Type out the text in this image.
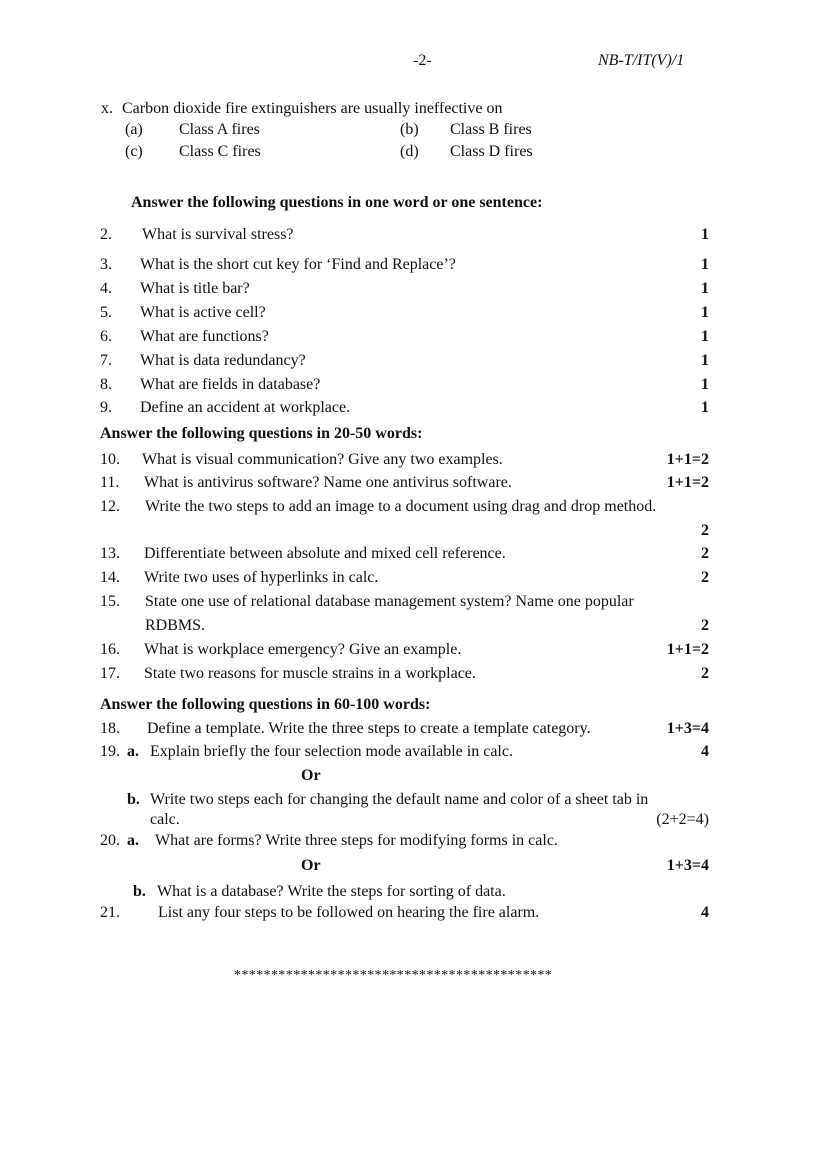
-2-	NB-T/IT(V)/1
x. Carbon dioxide fire extinguishers are usually ineffective on
(a) Class A fires	(b) Class B fires
(c) Class C fires	(d) Class D fires
Answer the following questions in one word or one sentence:
2. What is survival stress?	1
3. What is the short cut key for ‘Find and Replace’?	1
4. What is title bar?	1
5. What is active cell?	1
6. What are functions?	1
7. What is data redundancy?	1
8. What are fields in database?	1
9. Define an accident at workplace.	1
Answer the following questions in 20-50 words:
10. What is visual communication? Give any two examples.	1+1=2
11. What is antivirus software? Name one antivirus software.	1+1=2
12. Write the two steps to add an image to a document using drag and drop method.
2
13. Differentiate between absolute and mixed cell reference.	2
14. Write two uses of hyperlinks in calc.	2
15. State one use of relational database management system? Name one popular
RDBMS.	2
16. What is workplace emergency? Give an example.	1+1=2
17. State two reasons for muscle strains in a workplace.	2
Answer the following questions in 60-100 words:
18. Define a template. Write the three steps to create a template category.	1+3=4
19. a. Explain briefly the four selection mode available in calc.	4
Or
b. Write two steps each for changing the default name and color of a sheet tab in
calc.	(2+2=4)
20. a. What are forms? Write three steps for modifying forms in calc.
Or	1+3=4
b. What is a database? Write the steps for sorting of data.
21. List any four steps to be followed on hearing the fire alarm.	4
*******************************************
